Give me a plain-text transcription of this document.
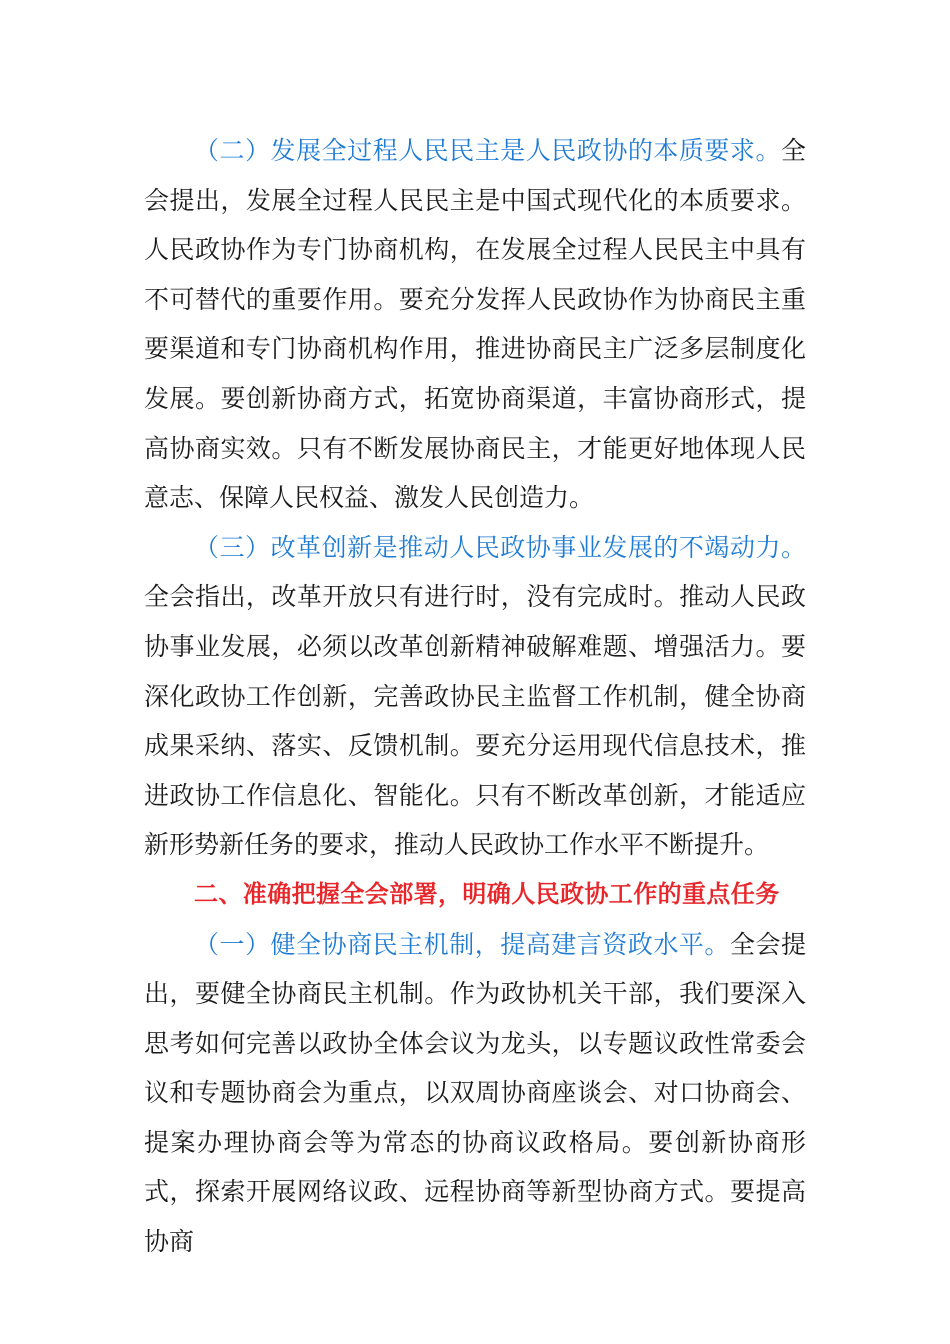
（二）发展全过程人民民主是人民政协的本质要求。全会提出，发展全过程人民民主是中国式现代化的本质要求。人民政协作为专门协商机构，在发展全过程人民民主中具有不可替代的重要作用。要充分发挥人民政协作为协商民主重要渠道和专门协商机构作用，推进协商民主广泛多层制度化发展。要创新协商方式，拓宽协商渠道，丰富协商形式，提高协商实效。只有不断发展协商民主，才能更好地体现人民意志、保障人民权益、激发人民创造力。

（三）改革创新是推动人民政协事业发展的不竭动力。全会指出，改革开放只有进行时，没有完成时。推动人民政协事业发展，必须以改革创新精神破解难题、增强活力。要深化政协工作创新，完善政协民主监督工作机制，健全协商成果采纳、落实、反馈机制。要充分运用现代信息技术，推进政协工作信息化、智能化。只有不断改革创新，才能适应新形势新任务的要求，推动人民政协工作水平不断提升。

二、准确把握全会部署，明确人民政协工作的重点任务

（一）健全协商民主机制，提高建言资政水平。全会提出，要健全协商民主机制。作为政协机关干部，我们要深入思考如何完善以政协全体会议为龙头，以专题议政性常委会议和专题协商会为重点，以双周协商座谈会、对口协商会、提案办理协商会等为常态的协商议政格局。要创新协商形式，探索开展网络议政、远程协商等新型协商方式。要提高协商
